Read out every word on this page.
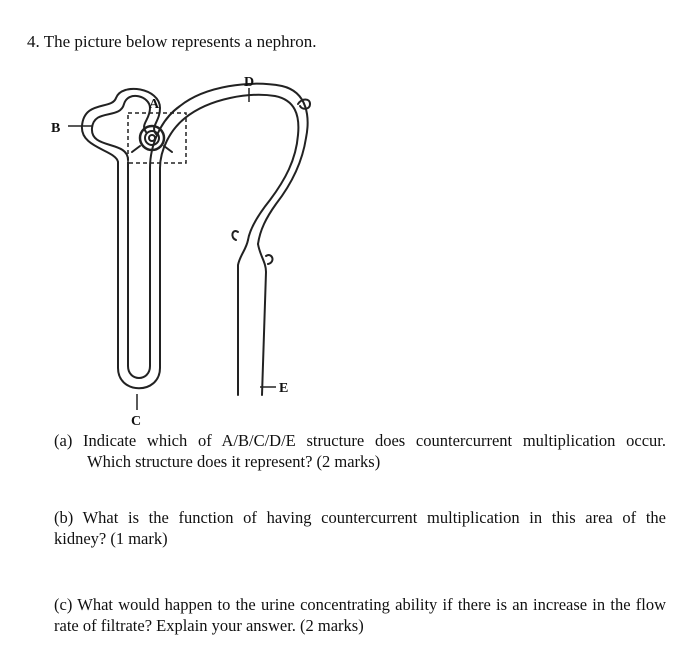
4. The picture below represents a nephron.
A
B
C
D
E

(a) Indicate which of A/B/C/D/E structure does countercurrent multiplication occur.
Which structure does it represent? (2 marks)

(b) What is the function of having countercurrent multiplication in this area of the
kidney? (1 mark)

(c) What would happen to the urine concentrating ability if there is an increase in the flow
rate of filtrate? Explain your answer. (2 marks)
